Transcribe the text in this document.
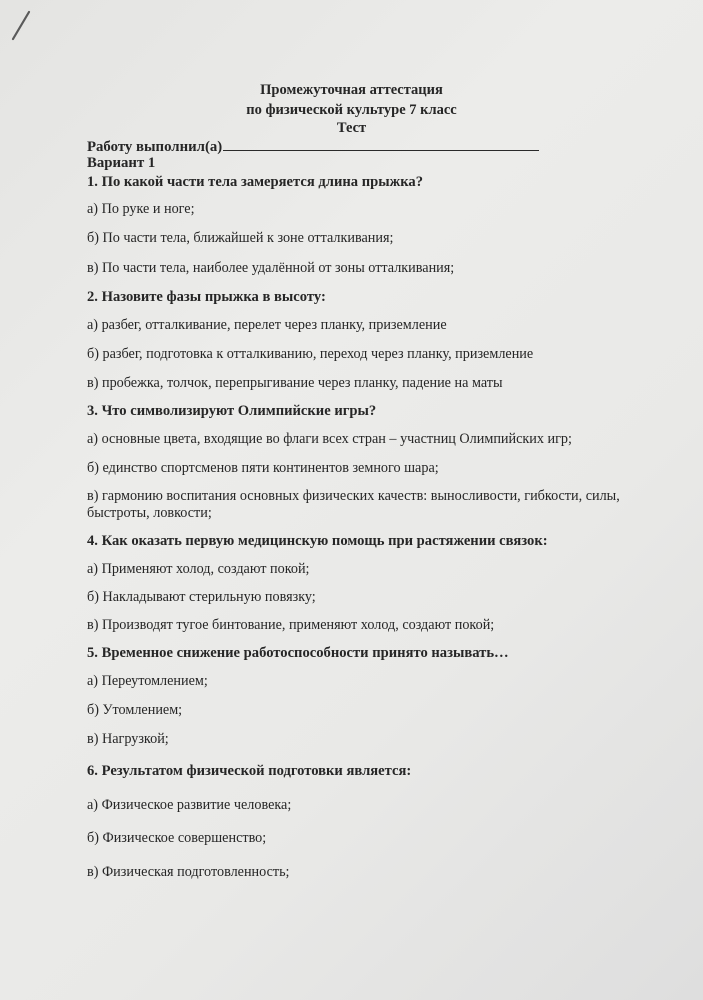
Промежуточная аттестация
по физической культуре 7 класс
Тест
Работу выполнил(а)
Вариант 1
1. По какой части тела замеряется длина прыжка?
а) По руке и ноге;
б) По части тела, ближайшей к зоне отталкивания;
в) По части тела, наиболее удалённой от зоны отталкивания;
2. Назовите фазы прыжка в высоту:
а) разбег, отталкивание, перелет через планку, приземление
б) разбег, подготовка к отталкиванию, переход через планку, приземление
в) пробежка, толчок, перепрыгивание через планку, падение на маты
3. Что символизируют Олимпийские игры?
а) основные цвета, входящие во флаги всех стран – участниц Олимпийских игр;
б) единство спортсменов пяти континентов земного шара;
в) гармонию воспитания основных физических качеств: выносливости, гибкости, силы,
быстроты, ловкости;
4. Как оказать первую медицинскую помощь при растяжении связок:
а) Применяют холод, создают покой;
б) Накладывают стерильную повязку;
в) Производят тугое бинтование, применяют холод, создают покой;
5. Временное снижение работоспособности принято называть…
а) Переутомлением;
б) Утомлением;
в) Нагрузкой;
6. Результатом физической подготовки является:
а) Физическое развитие человека;
б) Физическое совершенство;
в) Физическая подготовленность;
